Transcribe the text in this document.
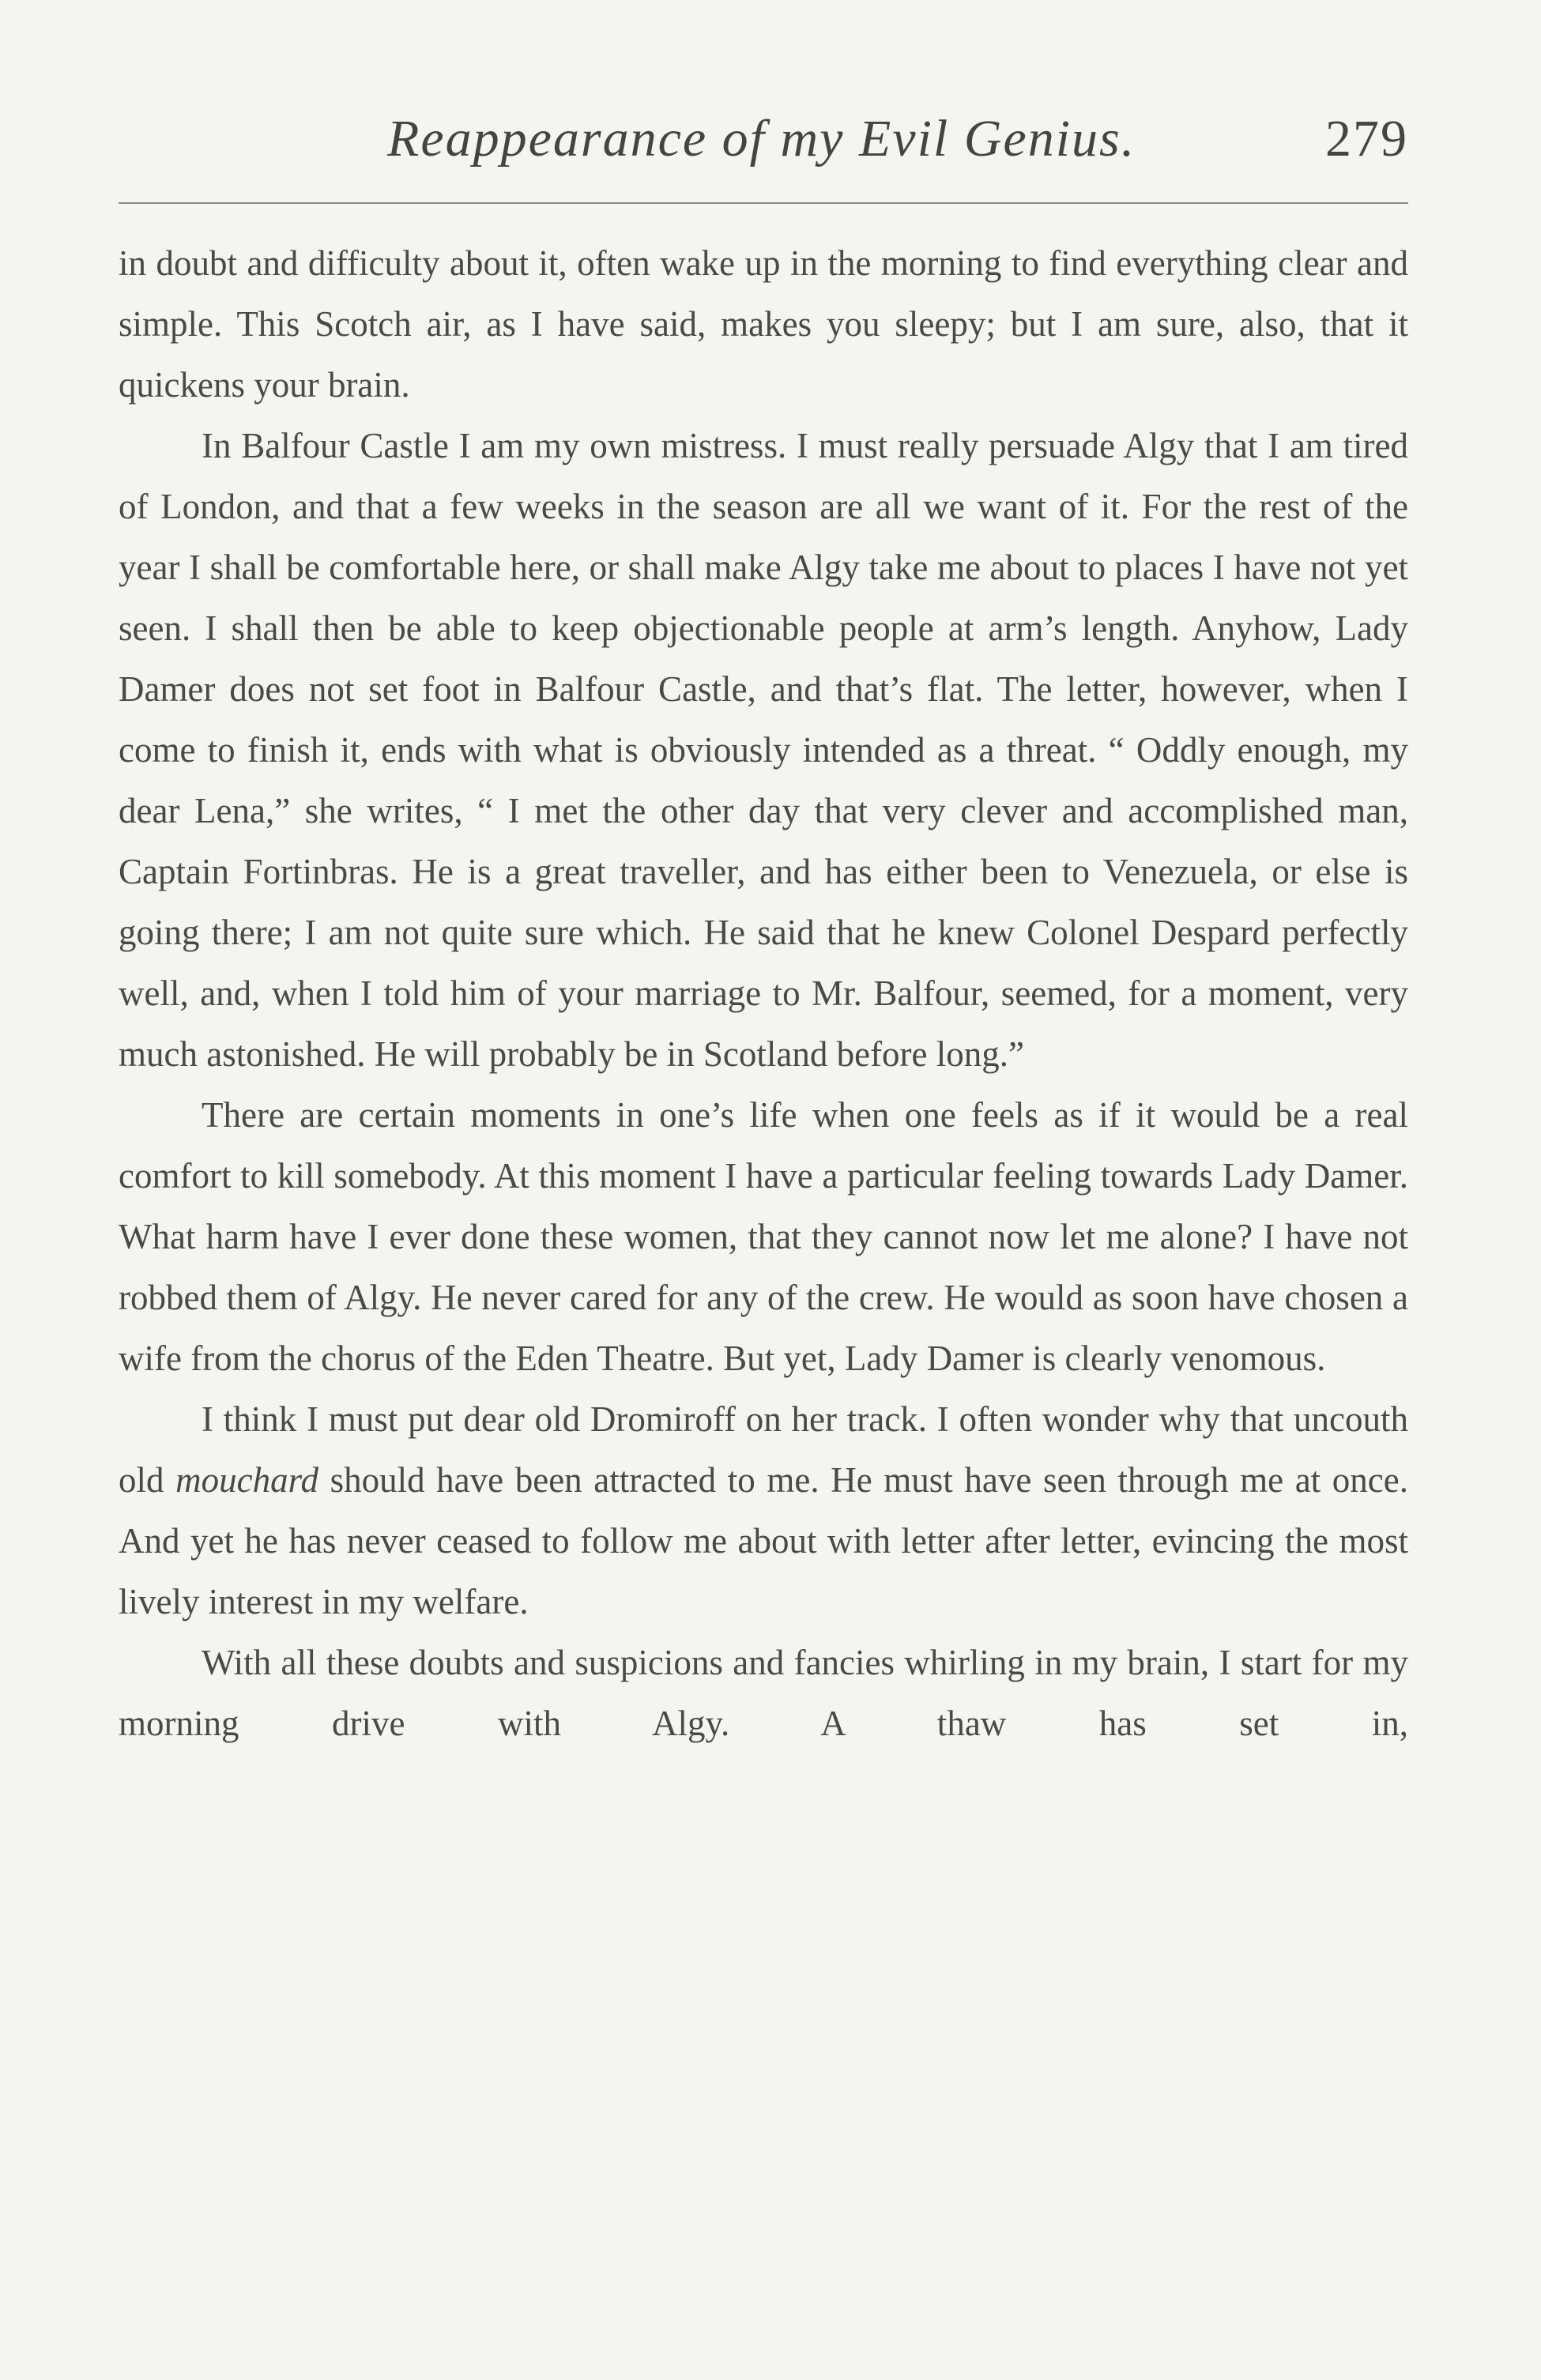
Reappearance of my Evil Genius.	279

in doubt and difficulty about it, often wake up in the morning to find everything clear and simple. This Scotch air, as I have said, makes you sleepy; but I am sure, also, that it quickens your brain.

In Balfour Castle I am my own mistress. I must really persuade Algy that I am tired of London, and that a few weeks in the season are all we want of it. For the rest of the year I shall be comfortable here, or shall make Algy take me about to places I have not yet seen. I shall then be able to keep objectionable people at arm’s length. Anyhow, Lady Damer does not set foot in Balfour Castle, and that’s flat. The letter, however, when I come to finish it, ends with what is obviously intended as a threat. “ Oddly enough, my dear Lena,” she writes, “ I met the other day that very clever and accomplished man, Captain Fortinbras. He is a great traveller, and has either been to Venezuela, or else is going there; I am not quite sure which. He said that he knew Colonel Despard perfectly well, and, when I told him of your marriage to Mr. Balfour, seemed, for a moment, very much astonished. He will probably be in Scotland before long.”

There are certain moments in one’s life when one feels as if it would be a real comfort to kill somebody. At this moment I have a particular feeling towards Lady Damer. What harm have I ever done these women, that they cannot now let me alone? I have not robbed them of Algy. He never cared for any of the crew. He would as soon have chosen a wife from the chorus of the Eden Theatre. But yet, Lady Damer is clearly venomous.

I think I must put dear old Dromiroff on her track. I often wonder why that uncouth old mouchard should have been attracted to me. He must have seen through me at once. And yet he has never ceased to follow me about with letter after letter, evincing the most lively interest in my welfare.

With all these doubts and suspicions and fancies whirling in my brain, I start for my morning drive with Algy. A thaw has set in,
